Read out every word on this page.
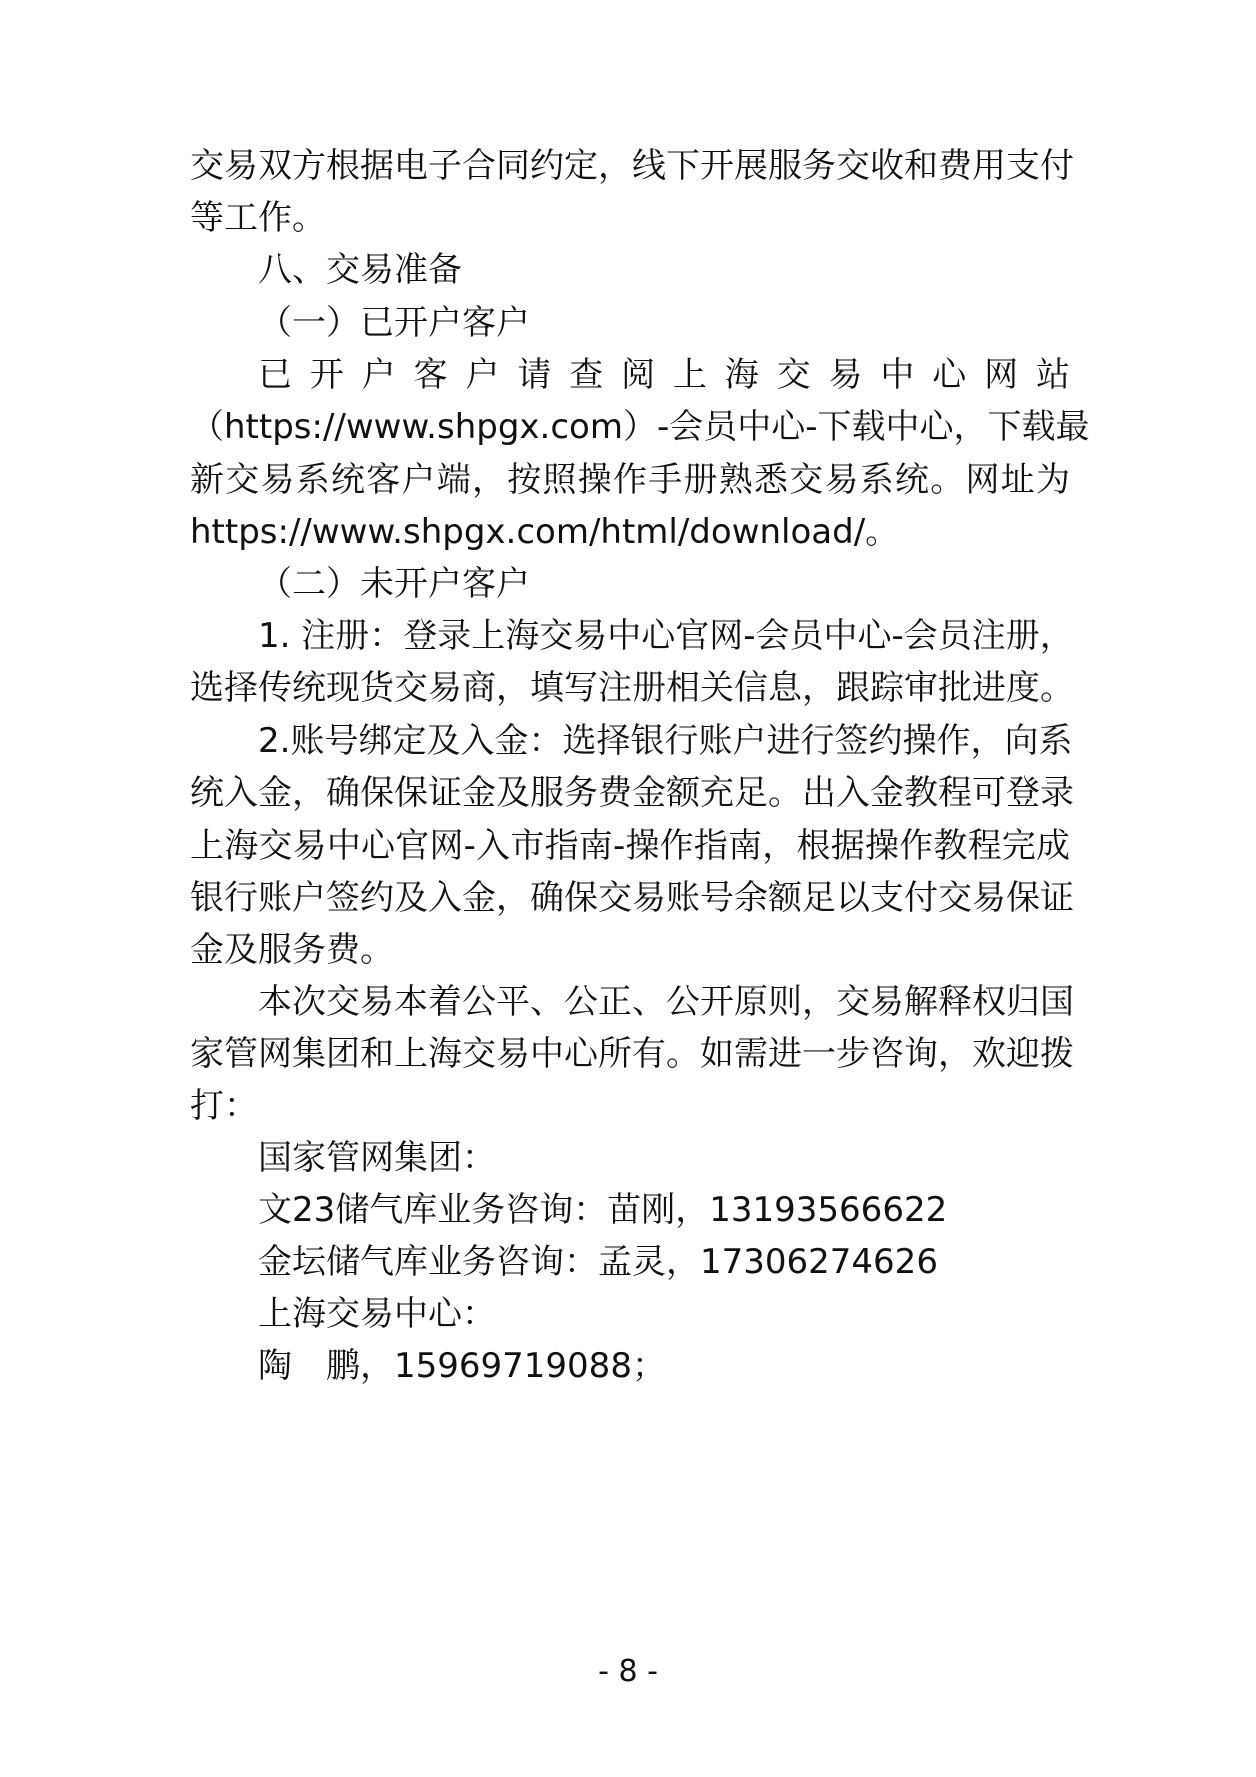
交易双方根据电子合同约定，线下开展服务交收和费用支付
等工作。
八、交易准备
（一）已开户客户
已开户客户请查阅上海交易中心网站
（https://www.shpgx.com）-会员中心-下载中心，下载最
新交易系统客户端，按照操作手册熟悉交易系统。网址为
https://www.shpgx.com/html/download/。
（二）未开户客户
1. 注册：登录上海交易中心官网-会员中心-会员注册，
选择传统现货交易商，填写注册相关信息，跟踪审批进度。
2.账号绑定及入金：选择银行账户进行签约操作，向系
统入金，确保保证金及服务费金额充足。出入金教程可登录
上海交易中心官网-入市指南-操作指南，根据操作教程完成
银行账户签约及入金，确保交易账号余额足以支付交易保证
金及服务费。
本次交易本着公平、公正、公开原则，交易解释权归国
家管网集团和上海交易中心所有。如需进一步咨询，欢迎拨
打：
国家管网集团：
文23储气库业务咨询：苗刚，13193566622
金坛储气库业务咨询：孟灵，17306274626
上海交易中心：
陶　鹏，15969719088；
- 8 -
